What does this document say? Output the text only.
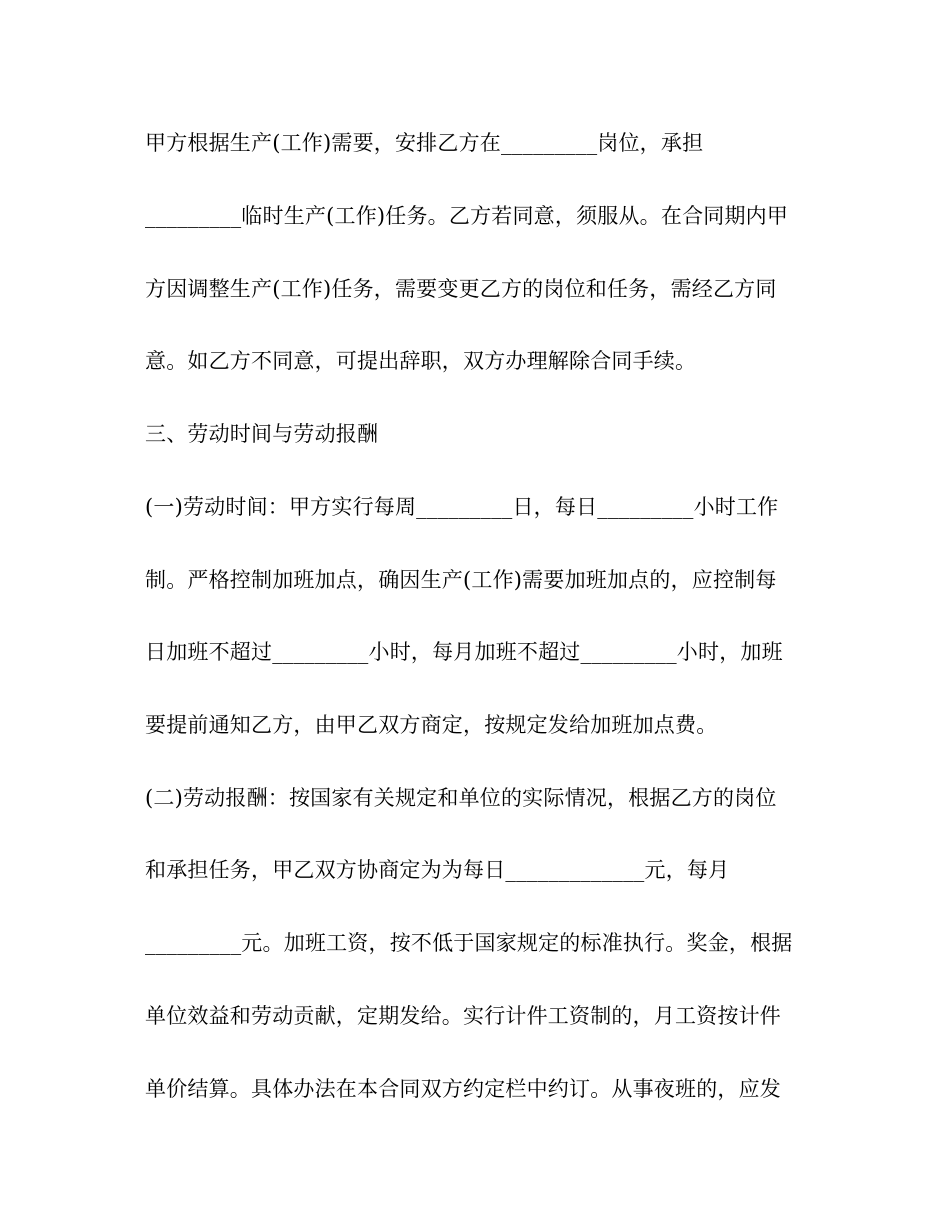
甲方根据生产(工作)需要，安排乙方在_________岗位，承担
_________临时生产(工作)任务。乙方若同意，须服从。在合同期内甲
方因调整生产(工作)任务，需要变更乙方的岗位和任务，需经乙方同
意。如乙方不同意，可提出辞职，双方办理解除合同手续。
三、劳动时间与劳动报酬
(一)劳动时间：甲方实行每周_________日，每日_________小时工作
制。严格控制加班加点，确因生产(工作)需要加班加点的，应控制每
日加班不超过_________小时，每月加班不超过_________小时，加班
要提前通知乙方，由甲乙双方商定，按规定发给加班加点费。
(二)劳动报酬：按国家有关规定和单位的实际情况，根据乙方的岗位
和承担任务，甲乙双方协商定为为每日_____________元，每月
_________元。加班工资，按不低于国家规定的标准执行。奖金，根据
单位效益和劳动贡献，定期发给。实行计件工资制的，月工资按计件
单价结算。具体办法在本合同双方约定栏中约订。从事夜班的，应发
